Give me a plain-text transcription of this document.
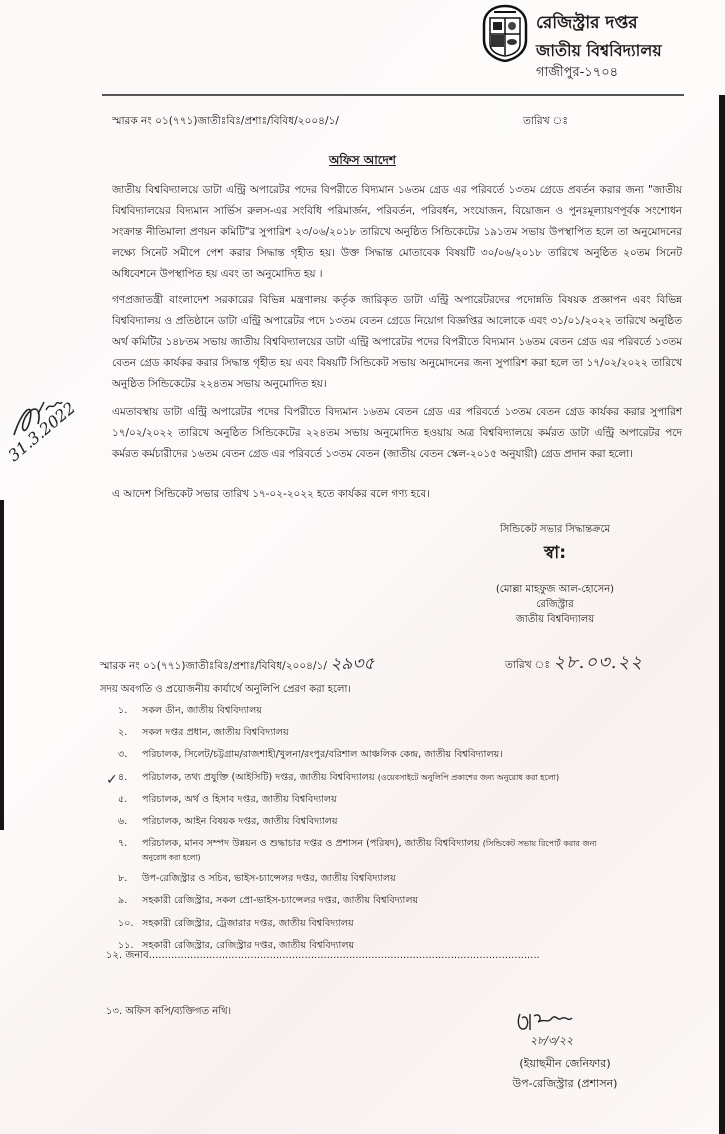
রেজিস্ট্রার দপ্তর
জাতীয় বিশ্ববিদ্যালয়
গাজীপুর-১৭০৪
স্মারক নং ০১(৭৭১)জাতীঃবিঃ/প্রশাঃ/বিবিধ/২০০৪/১/	তারিখ ঃ
অফিস আদেশ
জাতীয় বিশ্ববিদ্যালয়ে ডাটা এন্ট্রি অপারেটর পদের বিপরীতে বিদ্যমান ১৬তম গ্রেড এর পরিবর্তে ১৩তম গ্রেডে প্রবর্তন করার জন্য "জাতীয় বিশ্ববিদ্যালয়ের বিদ্যমান সার্ভিস রুলস-এর সংবিধি পরিমার্জন, পরিবর্তন, পরিবর্ধন, সংযোজন, বিয়োজন ও পুনঃমূল্যায়ণপূর্বক সংশোধন সংক্রান্ত নীতিমালা প্রণয়ন কমিটি"র সুপারিশ ২৩/০৬/২০১৮ তারিখে অনুষ্ঠিত সিন্ডিকেটের ১৯১তম সভায় উপস্থাপিত হলে তা অনুমোদনের লক্ষ্যে সিনেট সমীপে পেশ করার সিদ্ধান্ত গৃহীত হয়। উক্ত সিদ্ধান্ত মোতাবেক বিষয়টি ৩০/০৬/২০১৮ তারিখে অনুষ্ঠিত ২০তম সিনেট অধিবেশনে উপস্থাপিত হয় এবং তা অনুমোদিত হয় ।
গণপ্রজাতন্ত্রী বাংলাদেশ সরকারের বিভিন্ন মন্ত্রণালয় কর্তৃক জারিকৃত ডাটা এন্ট্রি অপারেটরদের পদোন্নতি বিষয়ক প্রজ্ঞাপন এবং বিভিন্ন বিশ্ববিদ্যালয় ও প্রতিষ্ঠানে ডাটা এন্ট্রি অপারেটর পদে ১৩তম বেতন গ্রেডে নিয়োগ বিজ্ঞপ্তির আলোকে এবং ৩১/০১/২০২২ তারিখে অনুষ্ঠিত অর্থ কমিটির ১৪৮তম সভায় জাতীয় বিশ্ববিদ্যালয়ের ডাটা এন্ট্রি অপারেটর পদের বিপরীতে বিদ্যমান ১৬তম বেতন গ্রেড এর পরিবর্তে ১৩তম বেতন গ্রেড কার্যকর করার সিদ্ধান্ত গৃহীত হয় এবং বিষয়টি সিন্ডিকেট সভায় অনুমোদনের জন্য সুপারিশ করা হলে তা ১৭/০২/২০২২ তারিখে অনুষ্ঠিত সিন্ডিকেটের ২২৪তম সভায় অনুমোদিত হয়।
এমতাবস্থায় ডাটা এন্ট্রি অপারেটর পদের বিপরীতে বিদ্যমান ১৬তম বেতন গ্রেড এর পরিবর্তে ১৩তম বেতন গ্রেড কার্যকর করার সুপারিশ ১৭/০২/২০২২ তারিখে অনুষ্ঠিত সিন্ডিকেটের ২২৪তম সভায় অনুমোদিত হওয়ায় অত্র বিশ্ববিদ্যালয়ে কর্মরত ডাটা এন্ট্রি অপারেটর পদে কর্মরত কর্মচারীদের ১৬তম বেতন গ্রেড এর পরিবর্তে ১৩তম বেতন (জাতীয় বেতন স্কেল-২০১৫ অনুযায়ী) গ্রেড প্রদান করা হলো।
এ আদেশ সিন্ডিকেট সভার তারিখ ১৭-০২-২০২২ হতে কার্যকর বলে গণ্য হবে।
31.3.2022
সিন্ডিকেট সভার সিদ্ধান্তক্রমে
স্বা:
(মোল্লা মাহফুজ আল-হোসেন)
রেজিস্ট্রার
জাতীয় বিশ্ববিদ্যালয়
স্মারক নং ০১(৭৭১)জাতীঃবিঃ/প্রশাঃ/বিবিধ/২০০৪/১/ ২৯৩৫	তারিখ ঃ ২৮.০৩.২২
সদয় অবগতি ও প্রয়োজনীয় কার্যার্থে অনুলিপি প্রেরণ করা হলো।
১. সকল ডীন, জাতীয় বিশ্ববিদ্যালয়
২. সকল দপ্তর প্রধান, জাতীয় বিশ্ববিদ্যালয়
৩. পরিচালক, সিলেট/চট্টগ্রাম/রাজশাহী/খুলনা/রংপুর/বরিশাল আঞ্চলিক কেন্দ্র, জাতীয় বিশ্ববিদ্যালয়।
✓ ৪. পরিচালক, তথ্য প্রযুক্তি (আইসিটি) দপ্তর, জাতীয় বিশ্ববিদ্যালয় (ওয়েবসাইটে অনুলিপি প্রকাশের জন্য অনুরোধ করা হলো)
৫. পরিচালক, অর্থ ও হিসাব দপ্তর, জাতীয় বিশ্ববিদ্যালয়
৬. পরিচালক, আইন বিষয়ক দপ্তর, জাতীয় বিশ্ববিদ্যালয়
৭. পরিচালক, মানব সম্পদ উন্নয়ন ও শুদ্ধাচার দপ্তর ও প্রশাসন (পরিষদ), জাতীয় বিশ্ববিদ্যালয় (সিন্ডিকেট সভায় রিপোর্ট করার জন্য
অনুরোধ করা হলো)
৮. উপ-রেজিস্ট্রার ও সচিব, ভাইস-চ্যান্সেলর দপ্তর, জাতীয় বিশ্ববিদ্যালয়
৯. সহকারী রেজিস্ট্রার, সকল প্রো-ভাইস-চ্যান্সেলর দপ্তর, জাতীয় বিশ্ববিদ্যালয়
১০. সহকারী রেজিস্ট্রার, ট্রেজারার দপ্তর, জাতীয় বিশ্ববিদ্যালয়
১১. সহকারী রেজিস্ট্রার, রেজিস্ট্রার দপ্তর, জাতীয় বিশ্ববিদ্যালয়
১২. জনাব...........................................................................................................................
১৩. অফিস কপি/ব্যক্তিগত নথি।
২৮/৩/২২
(ইয়াছমীন জেনিফার)
উপ-রেজিস্ট্রার (প্রশাসন)
